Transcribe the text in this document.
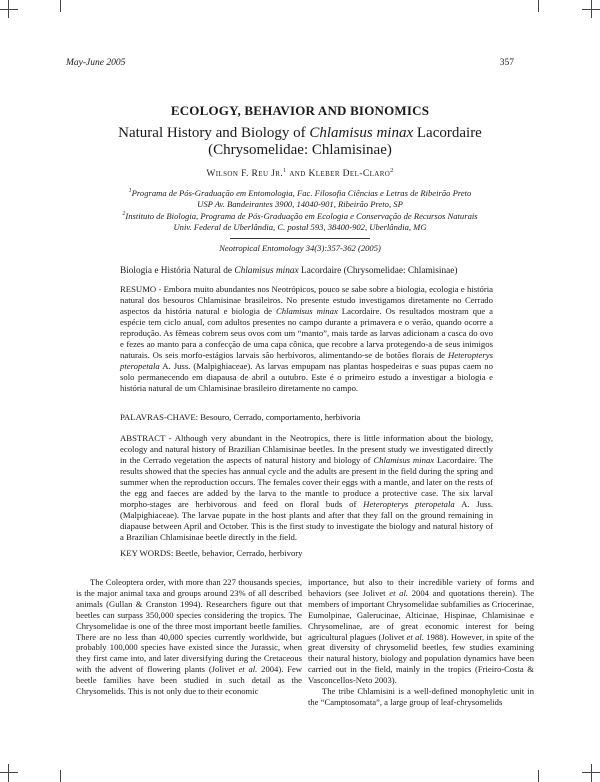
May-June 2005	357
ECOLOGY, BEHAVIOR AND BIONOMICS
Natural History and Biology of Chlamisus minax Lacordaire
(Chrysomelidae: Chlamisinae)
Wilson F. Reu Jr.$^1$ and Kleber Del-Claro$^2$
$^1$Programa de Pós-Graduação em Entomologia, Fac. Filosofia Ciências e Letras de Ribeirão Preto
USP Av. Bandeirantes 3900, 14040-901, Ribeirão Preto, SP
$^2$Instituto de Biologia, Programa de Pós-Graduação em Ecologia e Conservação de Recursos Naturais
Univ. Federal de Uberlândia, C. postal 593, 38400-902, Uberlândia, MG
Neotropical Entomology 34(3):357-362 (2005)
Biologia e História Natural de Chlamisus minax Lacordaire (Chrysomelidae: Chlamisinae)
RESUMO - Embora muito abundantes nos Neotrópicos, pouco se sabe sobre a biologia, ecologia e história natural dos besouros Chlamisinae brasileiros. No presente estudo investigamos diretamente no Cerrado aspectos da história natural e biologia de Chlamisus minax Lacordaire. Os resultados mostram que a espécie tem ciclo anual, com adultos presentes no campo durante a primavera e o verão, quando ocorre a reprodução. As fêmeas cobrem seus ovos com um “manto”, mais tarde as larvas adicionam a casca do ovo e fezes ao manto para a confecção de uma capa cônica, que recobre a larva protegendo-a de seus inimigos naturais. Os seis morfo-estágios larvais são herbívoros, alimentando-se de botões florais de Heteropterys pteropetala A. Juss. (Malpighiaceae). As larvas empupam nas plantas hospedeiras e suas pupas caem no solo permanecendo em diapausa de abril a outubro. Este é o primeiro estudo a investigar a biologia e história natural de um Chlamisinae brasileiro diretamente no campo.
PALAVRAS-CHAVE: Besouro, Cerrado, comportamento, herbivoria
ABSTRACT - Although very abundant in the Neotropics, there is little information about the biology, ecology and natural history of Brazilian Chlamisinae beetles. In the present study we investigated directly in the Cerrado vegetation the aspects of natural history and biology of Chlamisus minax Lacordaire. The results showed that the species has annual cycle and the adults are present in the field during the spring and summer when the reproduction occurs. The females cover their eggs with a mantle, and later on the rests of the egg and faeces are added by the larva to the mantle to produce a protective case. The six larval morpho-stages are herbivorous and feed on floral buds of Heteropterys pteropetala A. Juss. (Malpighiaceae). The larvae pupate in the host plants and after that they fall on the ground remaining in diapause between April and October. This is the first study to investigate the biology and natural history of a Brazilian Chlamisinae beetle directly in the field.
KEY WORDS: Beetle, behavior, Cerrado, herbivory

The Coleoptera order, with more than 227 thousands species, is the major animal taxa and groups around 23% of all described animals (Gullan & Cranston 1994). Researchers figure out that beetles can surpass 350,000 species considering the tropics. The Chrysomelidae is one of the three most important beetle families. There are no less than 40,000 species currently worldwide, but probably 100,000 species have existed since the Jurassic, when they first came into, and later diversifying during the Cretaceous with the advent of flowering plants (Jolivet et al. 2004). Few beetle families have been studied in such detail as the Chrysomelids. This is not only due to their economic

importance, but also to their incredible variety of forms and behaviors (see Jolivet et al. 2004 and quotations therein). The members of important Chrysomelidae subfamilies as Criocerinae, Eumolpinae, Galerucinae, Alticinae, Hispinae, Chlamisinae e Chrysomelinae, are of great economic interest for being agricultural plagues (Jolivet et al. 1988). However, in spite of the great diversity of chrysomelid beetles, few studies examining their natural history, biology and population dynamics have been carried out in the field, mainly in the tropics (Frieiro-Costa & Vasconcellos-Neto 2003).

The tribe Chlamisini is a well-defined monophyletic unit in the “Camptosomata”, a large group of leaf-chrysomelids
